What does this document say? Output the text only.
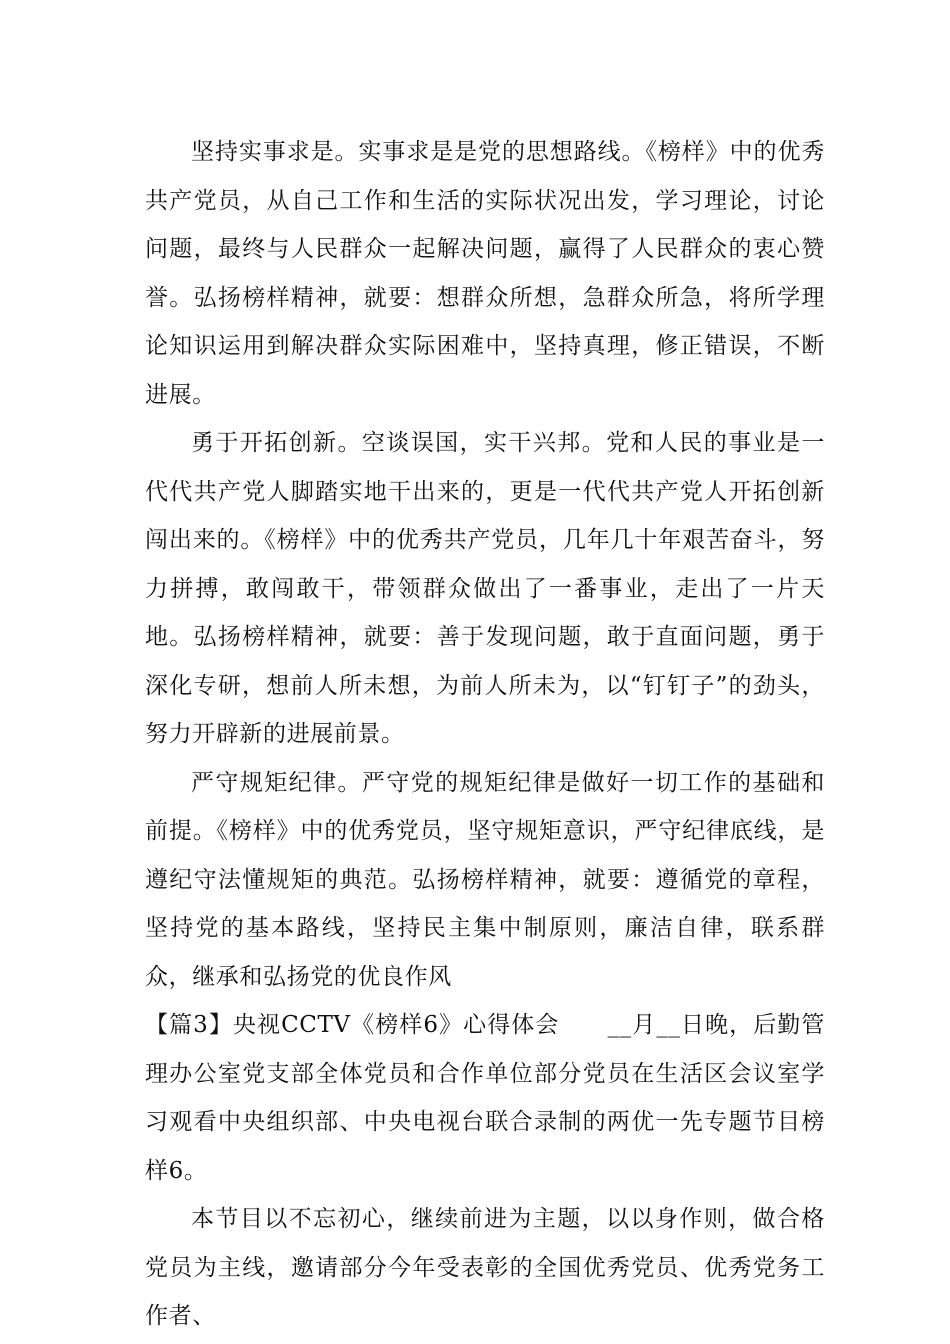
坚持实事求是。实事求是是党的思想路线。《榜样》中的优秀共产党员，从自己工作和生活的实际状况出发，学习理论，讨论问题，最终与人民群众一起解决问题，赢得了人民群众的衷心赞誉。弘扬榜样精神，就要：想群众所想，急群众所急，将所学理论知识运用到解决群众实际困难中，坚持真理，修正错误，不断进展。

勇于开拓创新。空谈误国，实干兴邦。党和人民的事业是一代代共产党人脚踏实地干出来的，更是一代代共产党人开拓创新闯出来的。《榜样》中的优秀共产党员，几年几十年艰苦奋斗，努力拼搏，敢闯敢干，带领群众做出了一番事业，走出了一片天地。弘扬榜样精神，就要：善于发现问题，敢于直面问题，勇于深化专研，想前人所未想，为前人所未为，以“钉钉子”的劲头，努力开辟新的进展前景。

严守规矩纪律。严守党的规矩纪律是做好一切工作的基础和前提。《榜样》中的优秀党员，坚守规矩意识，严守纪律底线，是遵纪守法懂规矩的典范。弘扬榜样精神，就要：遵循党的章程，坚持党的基本路线，坚持民主集中制原则，廉洁自律，联系群众，继承和弘扬党的优良作风

【篇3】央视CCTV《榜样6》心得体会　　__月__日晚，后勤管理办公室党支部全体党员和合作单位部分党员在生活区会议室学习观看中央组织部、中央电视台联合录制的两优一先专题节目榜样6。

本节目以不忘初心，继续前进为主题，以以身作则，做合格党员为主线，邀请部分今年受表彰的全国优秀党员、优秀党务工作者、
